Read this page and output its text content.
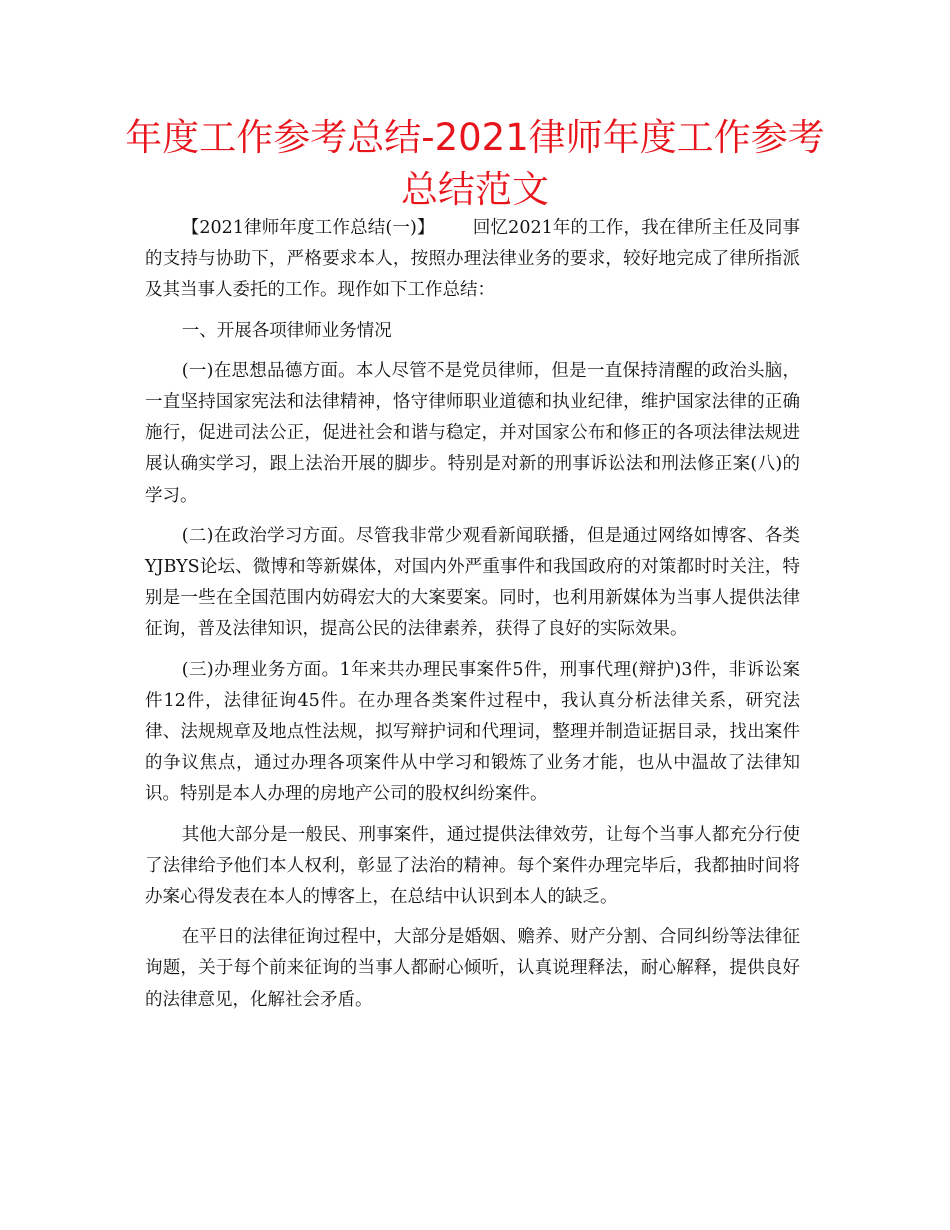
年度工作参考总结-2021律师年度工作参考总结范文

【2021律师年度工作总结(一)】 回忆2021年的工作，我在律所主任及同事的支持与协助下，严格要求本人，按照办理法律业务的要求，较好地完成了律所指派及其当事人委托的工作。现作如下工作总结：

一、开展各项律师业务情况

(一)在思想品德方面。本人尽管不是党员律师，但是一直保持清醒的政治头脑，一直坚持国家宪法和法律精神，恪守律师职业道德和执业纪律，维护国家法律的正确施行，促进司法公正，促进社会和谐与稳定，并对国家公布和修正的各项法律法规进展认确实学习，跟上法治开展的脚步。特别是对新的刑事诉讼法和刑法修正案(八)的学习。

(二)在政治学习方面。尽管我非常少观看新闻联播，但是通过网络如博客、各类YJBYS论坛、微博和等新媒体，对国内外严重事件和我国政府的对策都时时关注，特别是一些在全国范围内妨碍宏大的大案要案。同时，也利用新媒体为当事人提供法律征询，普及法律知识，提高公民的法律素养，获得了良好的实际效果。

(三)办理业务方面。1年来共办理民事案件5件，刑事代理(辩护)3件，非诉讼案件12件，法律征询45件。在办理各类案件过程中，我认真分析法律关系，研究法律、法规规章及地点性法规，拟写辩护词和代理词，整理并制造证据目录，找出案件的争议焦点，通过办理各项案件从中学习和锻炼了业务才能，也从中温故了法律知识。特别是本人办理的房地产公司的股权纠纷案件。

其他大部分是一般民、刑事案件，通过提供法律效劳，让每个当事人都充分行使了法律给予他们本人权利，彰显了法治的精神。每个案件办理完毕后，我都抽时间将办案心得发表在本人的博客上，在总结中认识到本人的缺乏。

在平日的法律征询过程中，大部分是婚姻、赡养、财产分割、合同纠纷等法律征询题，关于每个前来征询的当事人都耐心倾听，认真说理释法，耐心解释，提供良好的法律意见，化解社会矛盾。
